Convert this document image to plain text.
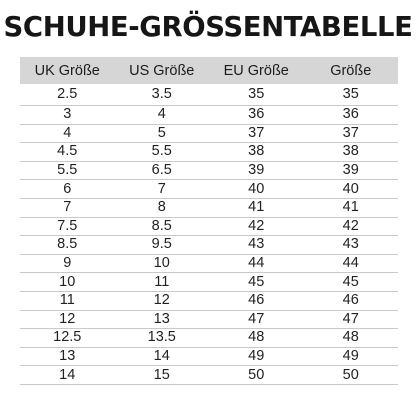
SCHUHE-GRÖSSENTABELLE
UK Größe	US Größe	EU Größe	Größe
2.5	3.5	35	35
3	4	36	36
4	5	37	37
4.5	5.5	38	38
5.5	6.5	39	39
6	7	40	40
7	8	41	41
7.5	8.5	42	42
8.5	9.5	43	43
9	10	44	44
10	11	45	45
11	12	46	46
12	13	47	47
12.5	13.5	48	48
13	14	49	49
14	15	50	50
